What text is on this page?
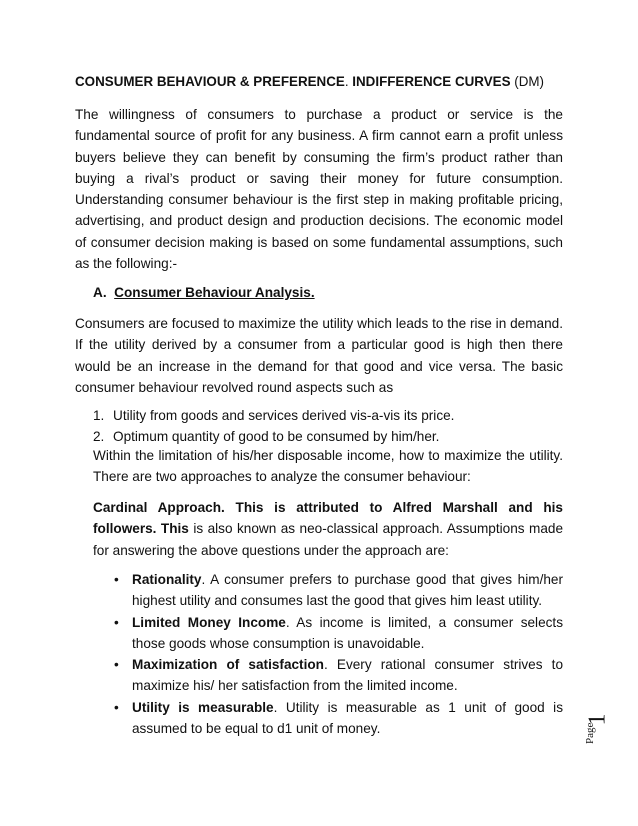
CONSUMER BEHAVIOUR & PREFERENCE. INDIFFERENCE CURVES (DM)

The willingness of consumers to purchase a product or service is the fundamental source of profit for any business. A firm cannot earn a profit unless buyers believe they can benefit by consuming the firm’s product rather than buying a rival’s product or saving their money for future consumption. Understanding consumer behaviour is the first step in making profitable pricing, advertising, and product design and production decisions. The economic model of consumer decision making is based on some fundamental assumptions, such as the following:-

A. Consumer Behaviour Analysis.

Consumers are focused to maximize the utility which leads to the rise in demand. If the utility derived by a consumer from a particular good is high then there would be an increase in the demand for that good and vice versa. The basic consumer behaviour revolved round aspects such as

1. Utility from goods and services derived vis-a-vis its price.
2. Optimum quantity of good to be consumed by him/her.

Within the limitation of his/her disposable income, how to maximize the utility. There are two approaches to analyze the consumer behaviour:

Cardinal Approach. This is attributed to Alfred Marshall and his followers. This is also known as neo-classical approach. Assumptions made for answering the above questions under the approach are:

• Rationality. A consumer prefers to purchase good that gives him/her highest utility and consumes last the good that gives him least utility.
• Limited Money Income. As income is limited, a consumer selects those goods whose consumption is unavoidable.
• Maximization of satisfaction. Every rational consumer strives to maximize his/ her satisfaction from the limited income.
• Utility is measurable. Utility is measurable as 1 unit of good is assumed to be equal to d1 unit of money.	Page
1
